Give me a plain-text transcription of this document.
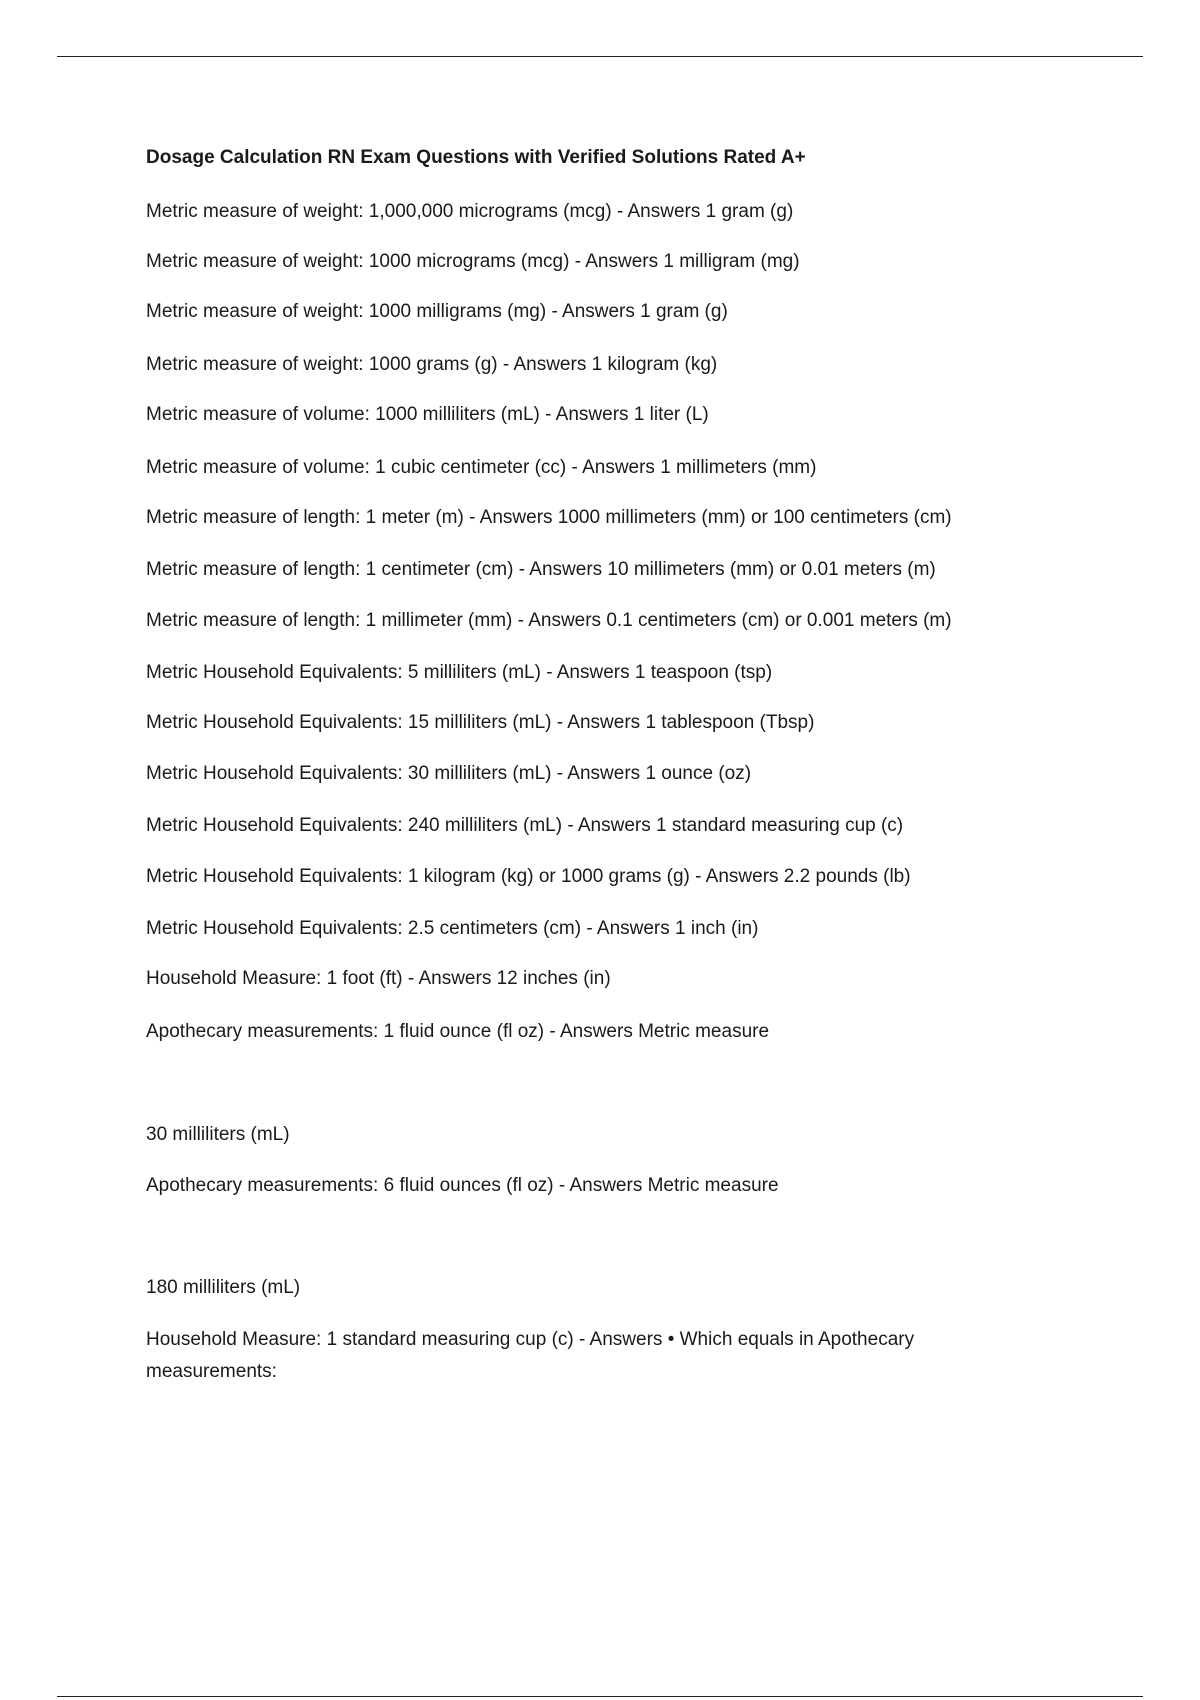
Dosage Calculation RN Exam Questions with Verified Solutions Rated A+

Metric measure of weight: 1,000,000 micrograms (mcg) - Answers 1 gram (g)

Metric measure of weight: 1000 micrograms (mcg) - Answers 1 milligram (mg)

Metric measure of weight: 1000 milligrams (mg) - Answers 1 gram (g)

Metric measure of weight: 1000 grams (g) - Answers 1 kilogram (kg)

Metric measure of volume: 1000 milliliters (mL) - Answers 1 liter (L)

Metric measure of volume: 1 cubic centimeter (cc) - Answers 1 millimeters (mm)

Metric measure of length: 1 meter (m) - Answers 1000 millimeters (mm) or 100 centimeters (cm)

Metric measure of length: 1 centimeter (cm) - Answers 10 millimeters (mm) or 0.01 meters (m)

Metric measure of length: 1 millimeter (mm) - Answers 0.1 centimeters (cm) or 0.001 meters (m)

Metric Household Equivalents: 5 milliliters (mL) - Answers 1 teaspoon (tsp)

Metric Household Equivalents: 15 milliliters (mL) - Answers 1 tablespoon (Tbsp)

Metric Household Equivalents: 30 milliliters (mL) - Answers 1 ounce (oz)

Metric Household Equivalents: 240 milliliters (mL) - Answers 1 standard measuring cup (c)

Metric Household Equivalents: 1 kilogram (kg) or 1000 grams (g) - Answers 2.2 pounds (lb)

Metric Household Equivalents: 2.5 centimeters (cm) - Answers 1 inch (in)

Household Measure: 1 foot (ft) - Answers 12 inches (in)

Apothecary measurements: 1 fluid ounce (fl oz) - Answers Metric measure

30 milliliters (mL)

Apothecary measurements: 6 fluid ounces (fl oz) - Answers Metric measure

180 milliliters (mL)

Household Measure: 1 standard measuring cup (c) - Answers • Which equals in Apothecary

measurements:
